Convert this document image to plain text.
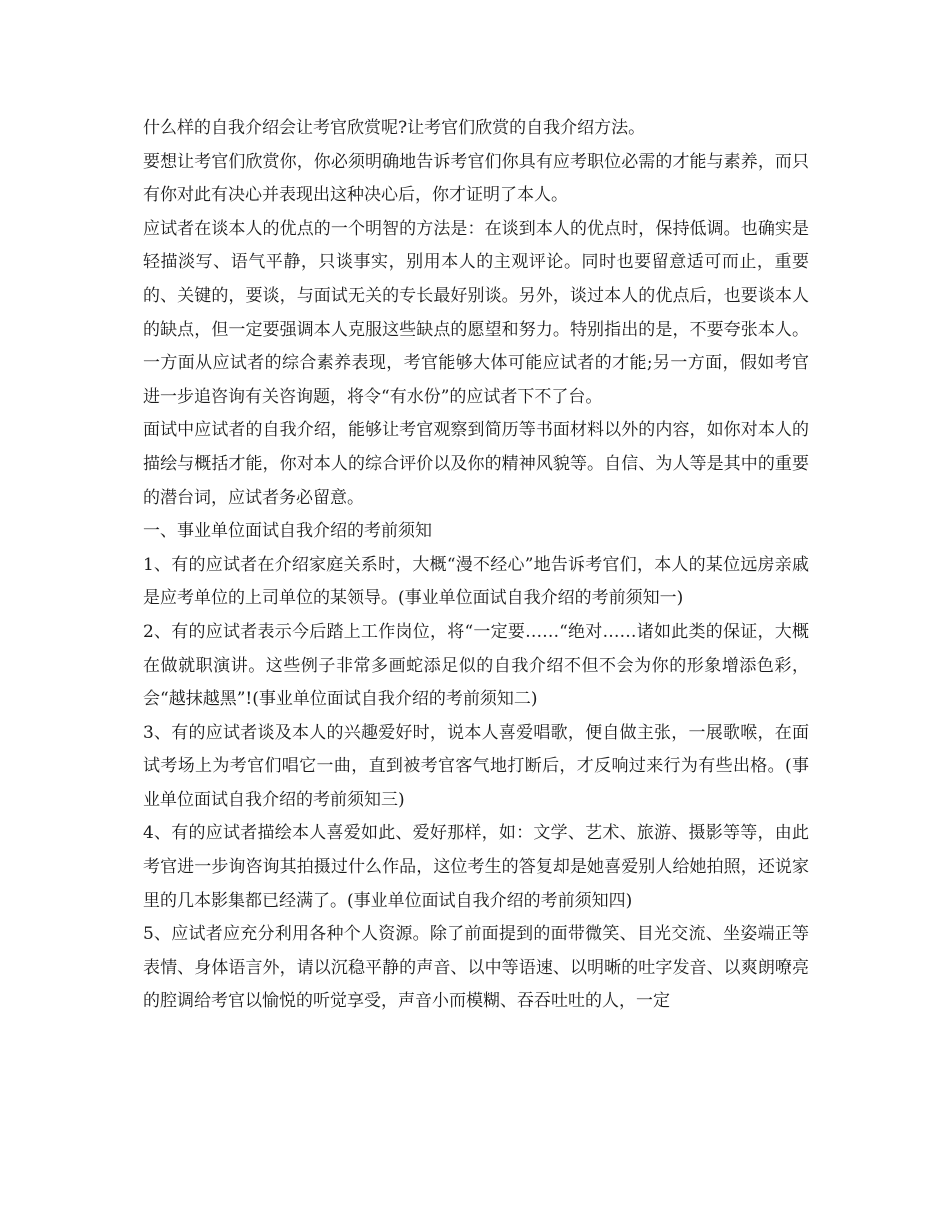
什么样的自我介绍会让考官欣赏呢?让考官们欣赏的自我介绍方法。

要想让考官们欣赏你，你必须明确地告诉考官们你具有应考职位必需的才能与素养，而只有你对此有决心并表现出这种决心后，你才证明了本人。

应试者在谈本人的优点的一个明智的方法是：在谈到本人的优点时，保持低调。也确实是轻描淡写、语气平静，只谈事实，别用本人的主观评论。同时也要留意适可而止，重要的、关键的，要谈，与面试无关的专长最好别谈。另外，谈过本人的优点后，也要谈本人的缺点，但一定要强调本人克服这些缺点的愿望和努力。特别指出的是，不要夸张本人。一方面从应试者的综合素养表现，考官能够大体可能应试者的才能;另一方面，假如考官进一步追咨询有关咨询题，将令“有水份”的应试者下不了台。

面试中应试者的自我介绍，能够让考官观察到简历等书面材料以外的内容，如你对本人的描绘与概括才能，你对本人的综合评价以及你的精神风貌等。自信、为人等是其中的重要的潜台词，应试者务必留意。

一、事业单位面试自我介绍的考前须知

1、有的应试者在介绍家庭关系时，大概“漫不经心”地告诉考官们，本人的某位远房亲戚是应考单位的上司单位的某领导。(事业单位面试自我介绍的考前须知一)

2、有的应试者表示今后踏上工作岗位，将“一定要……“绝对……诸如此类的保证，大概在做就职演讲。这些例子非常多画蛇添足似的自我介绍不但不会为你的形象增添色彩，会“越抹越黑”!(事业单位面试自我介绍的考前须知二)

3、有的应试者谈及本人的兴趣爱好时，说本人喜爱唱歌，便自做主张，一展歌喉，在面试考场上为考官们唱它一曲，直到被考官客气地打断后，才反响过来行为有些出格。(事业单位面试自我介绍的考前须知三)

4、有的应试者描绘本人喜爱如此、爱好那样，如：文学、艺术、旅游、摄影等等，由此考官进一步询咨询其拍摄过什么作品，这位考生的答复却是她喜爱别人给她拍照，还说家里的几本影集都已经满了。(事业单位面试自我介绍的考前须知四)

5、应试者应充分利用各种个人资源。除了前面提到的面带微笑、目光交流、坐姿端正等表情、身体语言外，请以沉稳平静的声音、以中等语速、以明晰的吐字发音、以爽朗嘹亮的腔调给考官以愉悦的听觉享受，声音小而模糊、吞吞吐吐的人，一定
